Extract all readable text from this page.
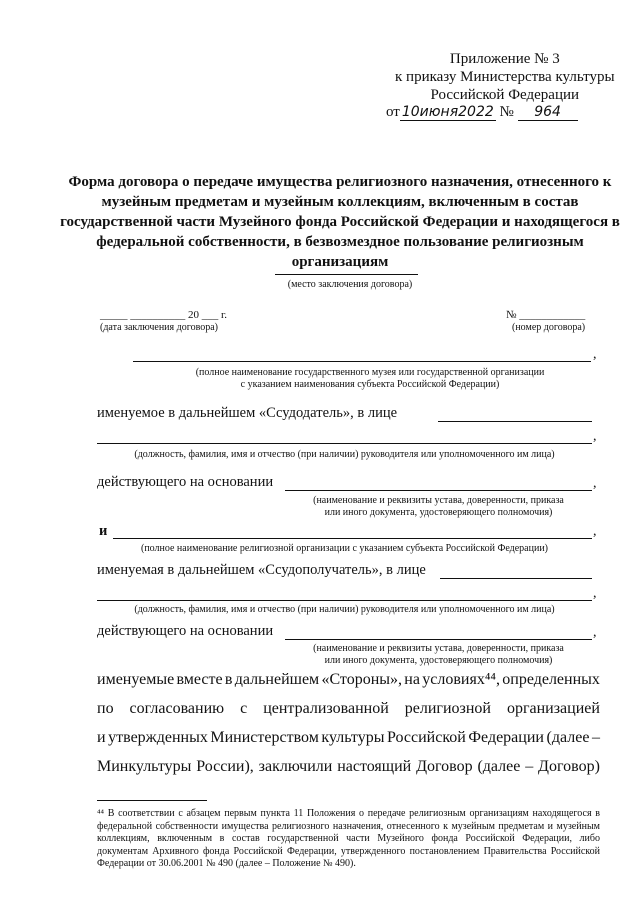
Приложение № 3
к приказу Министерства культуры
Российской Федерации
от 10июня2022 № 964
Форма договора о передаче имущества религиозного назначения, отнесенного к музейным предметам и музейным коллекциям, включенным в состав государственной части Музейного фонда Российской Федерации и находящегося в федеральной собственности, в безвозмездное пользование религиозным организациям
(место заключения договора)
_____ __________ 20 ___ г.
(дата заключения договора)
№ ____________
(номер договора)
,
(полное наименование государственного музея или государственной организации
с указанием наименования субъекта Российской Федерации)
именуемое в дальнейшем «Ссудодатель», в лице
,
(должность, фамилия, имя и отчество (при наличии) руководителя или уполномоченного им лица)
действующего на основании	,
(наименование и реквизиты устава, доверенности, приказа
или иного документа, удостоверяющего полномочия)
и	,
(полное наименование религиозной организации с указанием субъекта Российской Федерации)
именуемая в дальнейшем «Ссудополучатель», в лице
,
(должность, фамилия, имя и отчество (при наличии) руководителя или уполномоченного им лица)
действующего на основании	,
(наименование и реквизиты устава, доверенности, приказа
или иного документа, удостоверяющего полномочия)
именуемые вместе в дальнейшем «Стороны», на условиях⁴⁴, определенных
по согласованию с централизованной религиозной организацией
и утвержденных Министерством культуры Российской Федерации (далее –
Минкультуры России), заключили настоящий Договор (далее – Договор)
⁴⁴ В соответствии с абзацем первым пункта 11 Положения о передаче религиозным организациям находящегося в федеральной собственности имущества религиозного назначения, отнесенного к музейным предметам и музейным коллекциям, включенным в состав государственной части Музейного фонда Российской Федерации, либо документам Архивного фонда Российской Федерации, утвержденного постановлением Правительства Российской Федерации от 30.06.2001 № 490 (далее – Положение № 490).
